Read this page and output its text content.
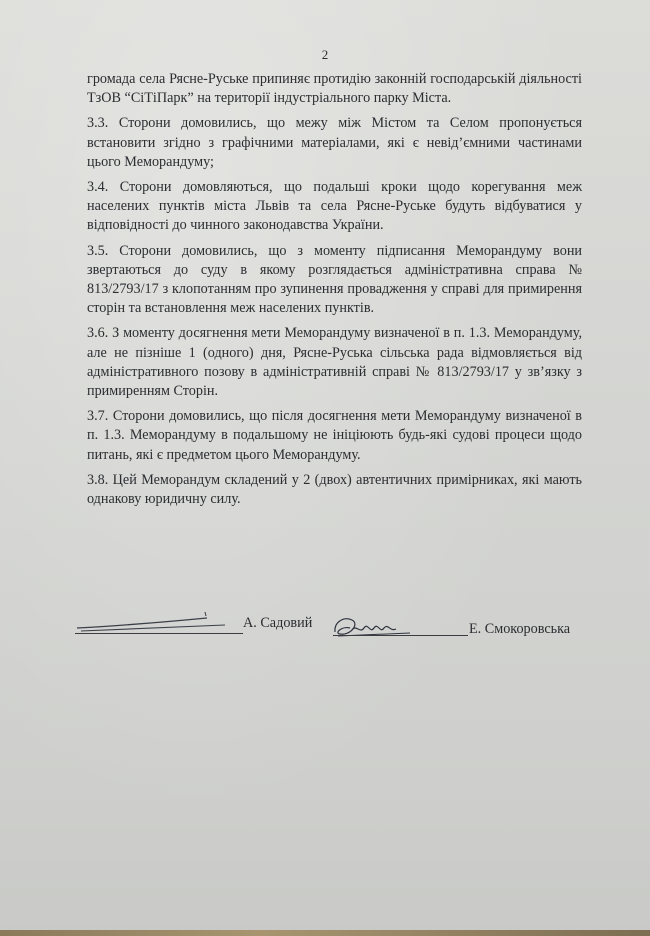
2

громада села Рясне-Руське припиняє протидію законній господарській діяльності ТзОВ “СіТіПарк” на території індустріального парку Міста.

3.3. Сторони домовились, що межу між Містом та Селом пропонується встановити згідно з графічними матеріалами, які є невід’ємними частинами цього Меморандуму;

3.4. Сторони домовляються, що подальші кроки щодо корегування меж населених пунктів міста Львів та села Рясне-Руське будуть відбуватися у відповідності до чинного законодавства України.

3.5. Сторони домовились, що з моменту підписання Меморандуму вони звертаються до суду в якому розглядається адміністративна справа № 813/2793/17 з клопотанням про зупинення провадження у справі для примирення сторін та встановлення меж населених пунктів.

3.6. З моменту досягнення мети Меморандуму визначеної в п. 1.3. Меморандуму, але не пізніше 1 (одного) дня, Рясне-Руська сільська рада відмовляється від адміністративного позову в адміністративній справі № 813/2793/17 у зв’язку з примиренням Сторін.

3.7. Сторони домовились, що після досягнення мети Меморандуму визначеної в п. 1.3. Меморандуму в подальшому не ініціюють будь-які судові процеси щодо питань, які є предметом цього Меморандуму.

3.8. Цей Меморандум складений у 2 (двох) автентичних примірниках, які мають однакову юридичну силу.

А. Садовий	Е. Смокоровська
